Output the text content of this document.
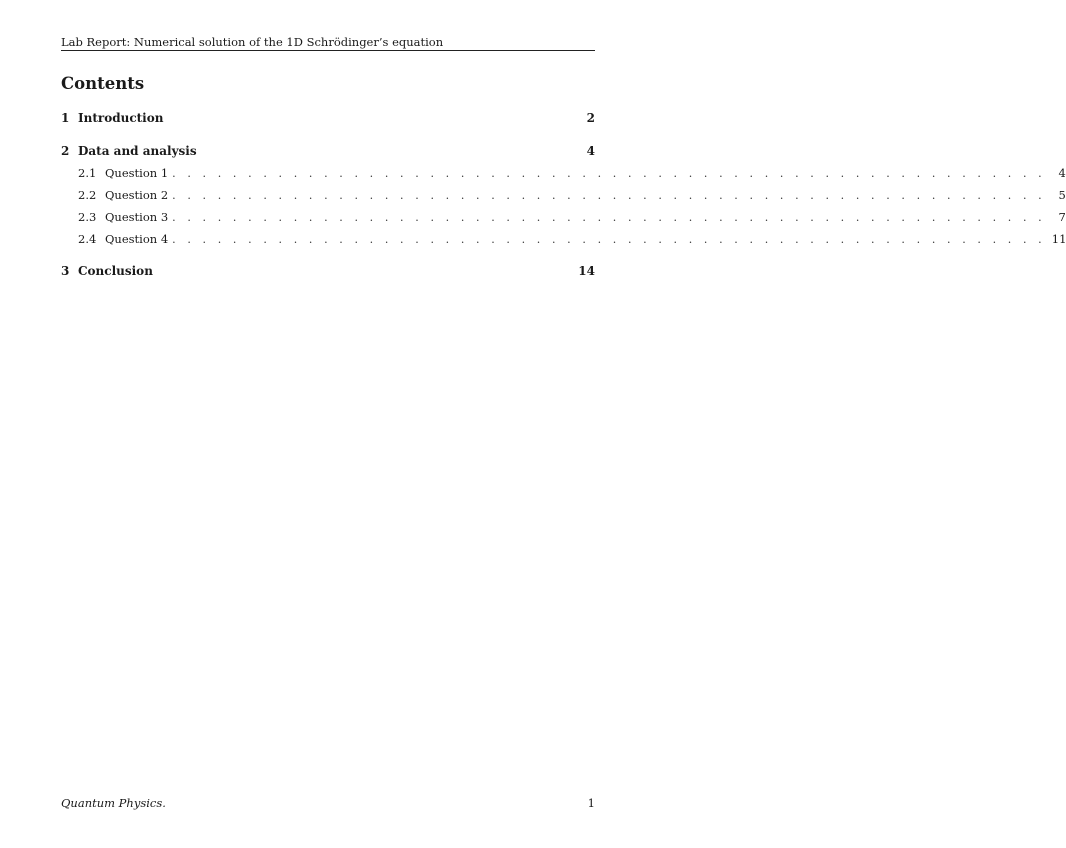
Lab Report: Numerical solution of the 1D Schrödinger’s equation
Contents
1 Introduction	2
2 Data and analysis	4
2.1 Question 1 . . . . . . . . . . . . . . . . . . . . . . . . . . . . . . . . . . . . . . . . . . . . . . . . . . . . . . . . . .	4
2.2 Question 2 . . . . . . . . . . . . . . . . . . . . . . . . . . . . . . . . . . . . . . . . . . . . . . . . . . . . . . . . . .	5
2.3 Question 3 . . . . . . . . . . . . . . . . . . . . . . . . . . . . . . . . . . . . . . . . . . . . . . . . . . . . . . . . . .	7
2.4 Question 4 . . . . . . . . . . . . . . . . . . . . . . . . . . . . . . . . . . . . . . . . . . . . . . . . . . . . . . . . . . 11
3 Conclusion	14
Quantum Physics.	1
